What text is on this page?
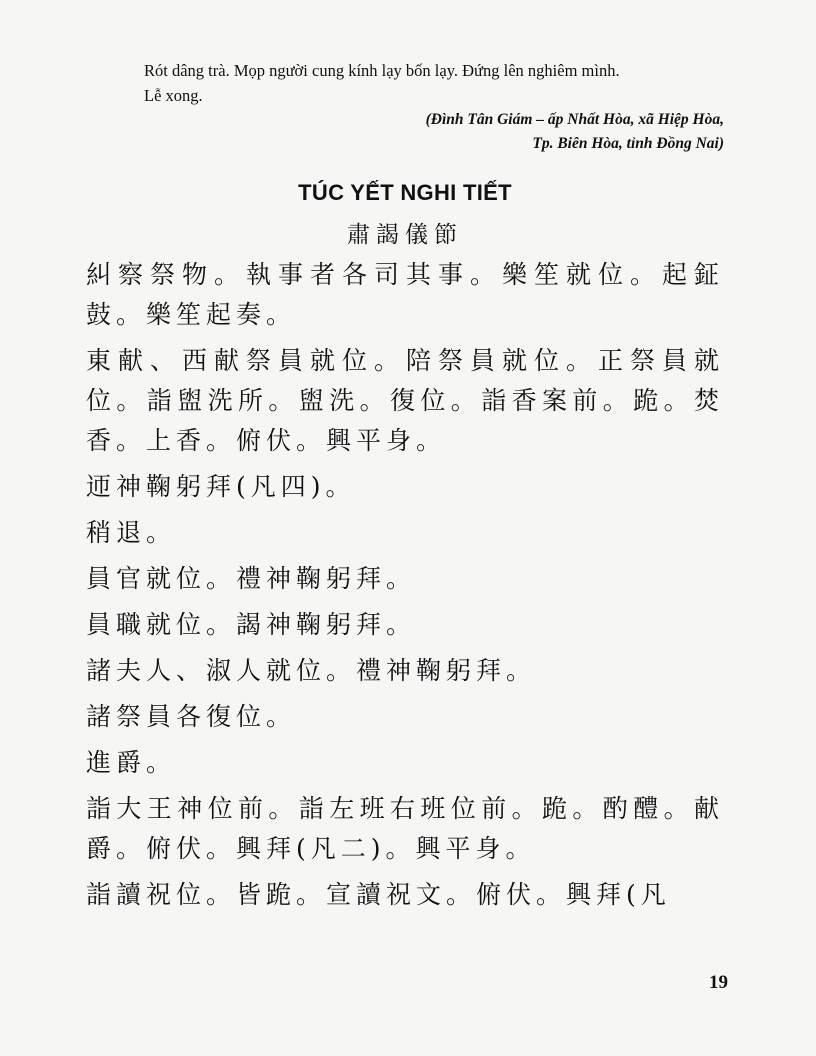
Rót dâng trà. Mọp người cung kính lạy bốn lạy. Đứng lên nghiêm mình.

Lễ xong.

(Đình Tân Giám – ấp Nhất Hòa, xã Hiệp Hòa,

Tp. Biên Hòa, tỉnh Đồng Nai)

TÚC YẾT NGHI TIẾT
肅謁儀節

糾察祭物。執事者各司其事。樂笙就位。起鉦鼓。樂笙起奏。

東献、西献祭員就位。陪祭員就位。正祭員就位。詣盥洗所。盥洗。復位。詣香案前。跪。焚香。上香。俯伏。興平身。

迊神鞠躬拜(凡四)。

稍退。

員官就位。禮神鞠躬拜。

員職就位。謁神鞠躬拜。

諸夫人、淑人就位。禮神鞠躬拜。

諸祭員各復位。

進爵。

詣大王神位前。詣左班右班位前。跪。酌醴。献爵。俯伏。興拜(凡二)。興平身。

詣讀祝位。皆跪。宣讀祝文。俯伏。興拜(凡

19
